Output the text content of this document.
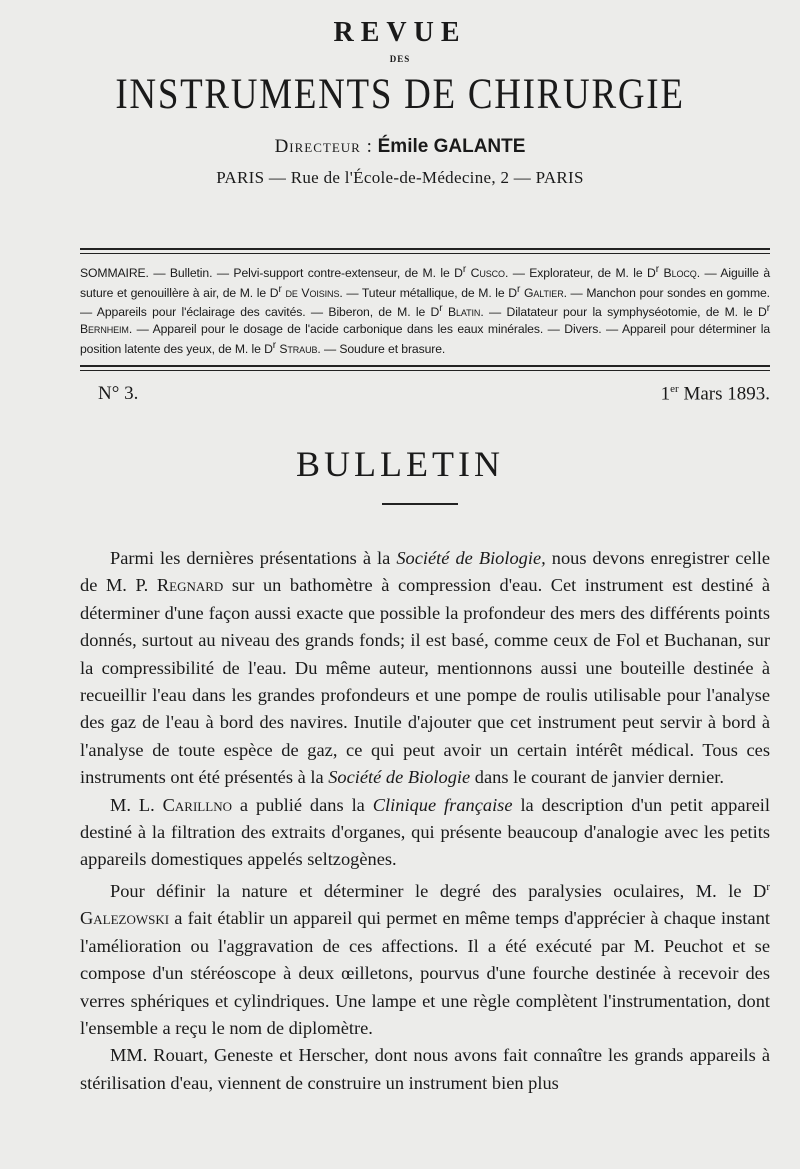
REVUE
DES
INSTRUMENTS DE CHIRURGIE
Directeur : Émile GALANTE
PARIS — Rue de l'École-de-Médecine, 2 — PARIS
SOMMAIRE. — Bulletin. — Pelvi-support contre-extenseur, de M. le $D^r$ Cusco. — Explorateur, de M. le $D^r$ Blocq. — Aiguille à suture et genouillère à air, de M. le $D^r$ de Voisins. — Tuteur métallique, de M. le $D^r$ Galtier. — Manchon pour sondes en gomme. — Appareils pour l'éclairage des cavités. — Biberon, de M. le $D^r$ Blatin. — Dilatateur pour la symphyséotomie, de M. le $D^r$ Bernheim. — Appareil pour le dosage de l'acide carbonique dans les eaux minérales. — Divers. — Appareil pour déterminer la position latente des yeux, de M. le $D^r$ Straub. — Soudure et brasure.
N° 3.	1er Mars 1893.
BULLETIN

Parmi les dernières présentations à la Société de Biologie, nous devons enregistrer celle de M. P. Regnard sur un bathomètre à compression d'eau. Cet instrument est destiné à déterminer d'une façon aussi exacte que possible la profondeur des mers des différents points donnés, surtout au niveau des grands fonds; il est basé, comme ceux de Fol et Buchanan, sur la compressibilité de l'eau. Du même auteur, mentionnons aussi une bouteille destinée à recueillir l'eau dans les grandes profondeurs et une pompe de roulis utilisable pour l'analyse des gaz de l'eau à bord des navires. Inutile d'ajouter que cet instrument peut servir à bord à l'analyse de toute espèce de gaz, ce qui peut avoir un certain intérêt médical. Tous ces instruments ont été présentés à la Société de Biologie dans le courant de janvier dernier.

M. L. Carillno a publié dans la Clinique française la description d'un petit appareil destiné à la filtration des extraits d'organes, qui présente beaucoup d'analogie avec les petits appareils domestiques appelés seltzogènes.

Pour définir la nature et déterminer le degré des paralysies oculaires, M. le $D^r$ Galezowski a fait établir un appareil qui permet en même temps d'apprécier à chaque instant l'amélioration ou l'aggravation de ces affections. Il a été exécuté par M. Peuchot et se compose d'un stéréoscope à deux œilletons, pourvus d'une fourche destinée à recevoir des verres sphériques et cylindriques. Une lampe et une règle complètent l'instrumentation, dont l'ensemble a reçu le nom de diplomètre.

MM. Rouart, Geneste et Herscher, dont nous avons fait connaître les grands appareils à stérilisation d'eau, viennent de construire un instrument bien plus
